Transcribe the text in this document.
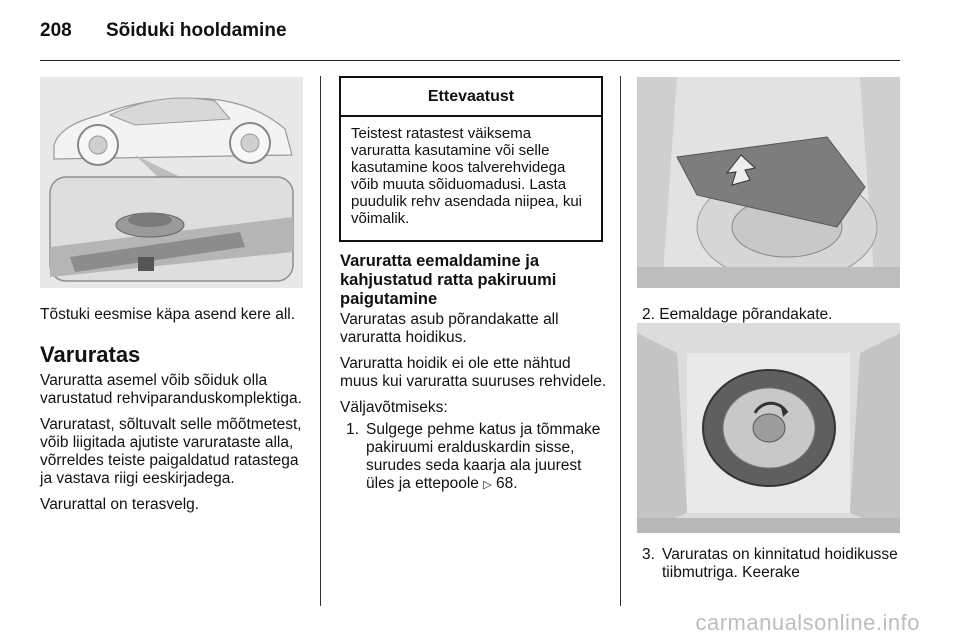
208 Sõiduki hooldamine

Tõstuki eesmise käpa asend kere all.

Varuratas

Varuratta asemel võib sõiduk olla varustatud rehviparanduskomplektiga.

Varuratast, sõltuvalt selle mõõtmetest, võib liigitada ajutiste varurataste alla, võrreldes teiste paigaldatud ratastega ja vastava riigi eeskirjadega.

Varurattal on terasvelg.

Ettevaatust
Teistest ratastest väiksema varuratta kasutamine või selle kasutamine koos talverehvidega võib muuta sõiduomadusi. Lasta puudulik rehv asendada niipea, kui võimalik.
Varuratta eemaldamine ja kahjustatud ratta pakiruumi paigutamine

Varuratas asub põrandakatte all varuratta hoidikus.

Varuratta hoidik ei ole ette nähtud muus kui varuratta suuruses rehvidele.

Väljavõtmiseks:

1. Sulgege pehme katus ja tõmmake pakiruumi eralduskardin sisse, surudes seda kaarja ala juurest üles ja ettepoole ▷ 68.
2. Eemaldage põrandakate.
3. Varuratas on kinnitatud hoidikusse tiibmutriga. Keerake
carmanualsonline.info
